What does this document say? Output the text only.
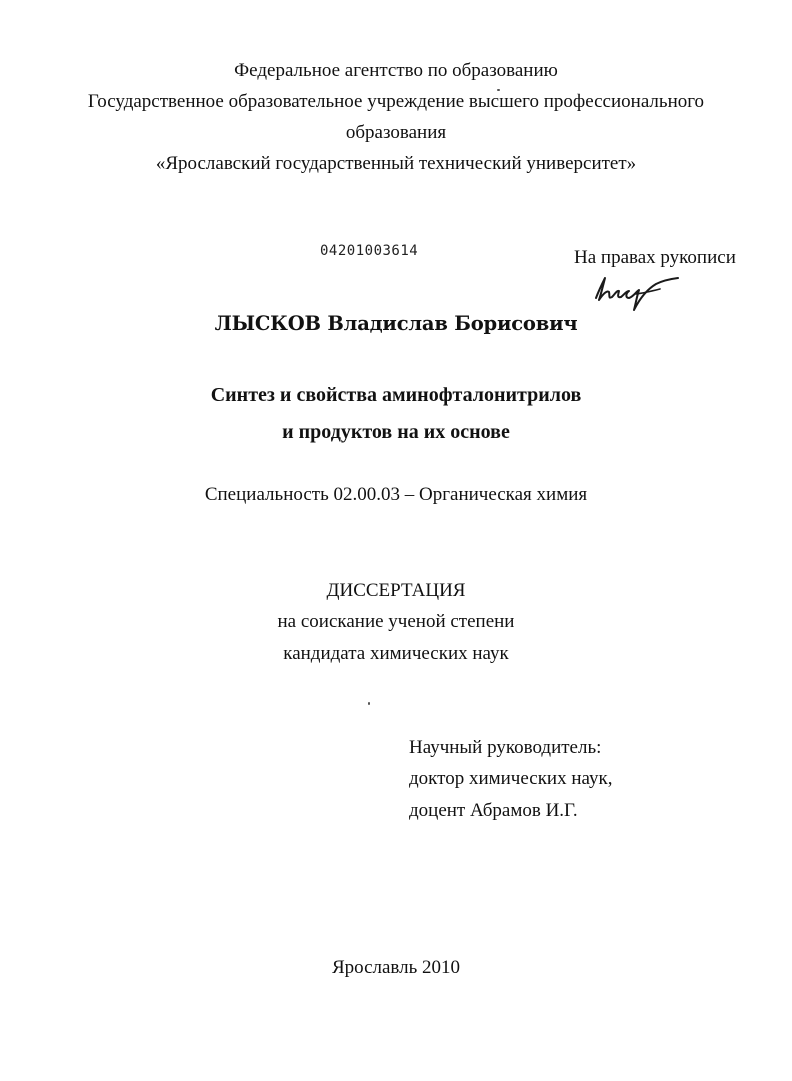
Федеральное агентство по образованию
Государственное образовательное учреждение высшего профессионального
образования
«Ярославский государственный технический университет»
04201003614	На правах рукописи
ЛЫСКОВ Владислав Борисович
Синтез и свойства аминофталонитрилов
и продуктов на их основе
Специальность 02.00.03 – Органическая химия
ДИССЕРТАЦИЯ
на соискание ученой степени
кандидата химических наук
Научный руководитель:
доктор химических наук,
доцент Абрамов И.Г.
Ярославль 2010
